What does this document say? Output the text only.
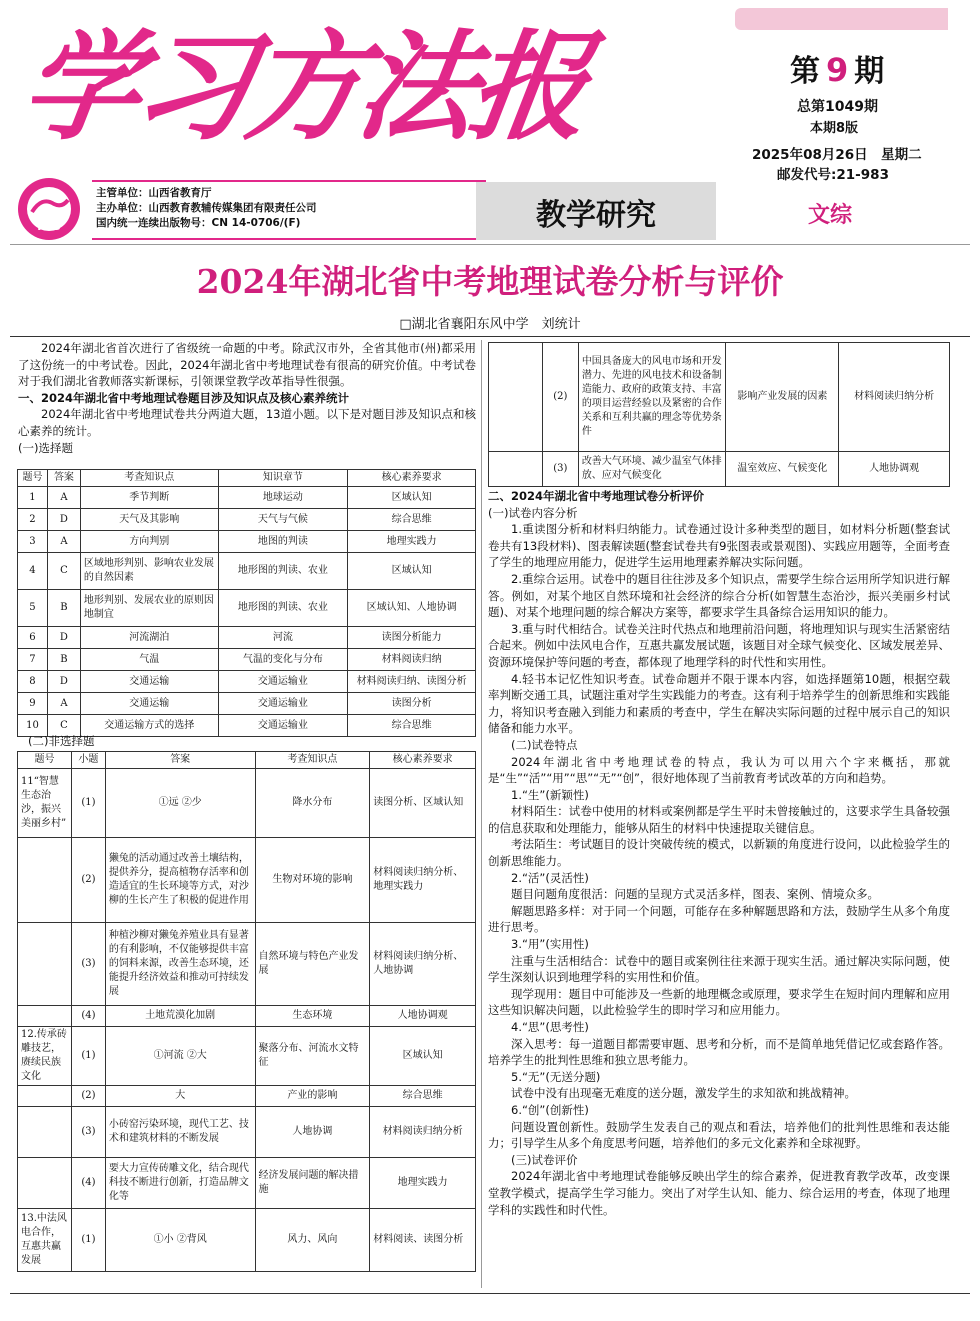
学习方法报	第 9 期
总第1049期
本期8版
2025年08月26日　星期二
邮发代号:21-983
FFB
主管单位：山西省教育厅
主办单位：山西教育教辅传媒集团有限责任公司
国内统一连续出版物号：CN 14-0706/(F)	教学研究	文综
2024年湖北省中考地理试卷分析与评价
□湖北省襄阳东风中学　刘统计

2024年湖北省首次进行了省级统一命题的中考。除武汉市外，全省其他市(州)都采用了这份统一的中考试卷。因此，2024年湖北省中考地理试卷有很高的研究价值。中考试卷对于我们湖北省教师落实新课标，引领课堂教学改革指导性很强。

一、2024年湖北省中考地理试卷题目涉及知识点及核心素养统计

2024年湖北省中考地理试卷共分两道大题，13道小题。以下是对题目涉及知识点和核心素养的统计。

(一)选择题

题号	答案	考查知识点	知识章节	核心素养要求
1	A	季节判断	地球运动	区域认知
2	D	天气及其影响	天气与气候	综合思维
3	A	方向判别	地图的判读	地理实践力
4	C	区域地形判别、影响农业发展的自然因素	地形图的判读、农业	区域认知
5	B	地形判别、发展农业的原则因地制宜	地形图的判读、农业	区域认知、人地协调
6	D	河流湖泊	河流	读图分析能力
7	B	气温	气温的变化与分布	材料阅读归纳
8	D	交通运输	交通运输业	材料阅读归纳、读图分析
9	A	交通运输	交通运输业	读图分析
10	C	交通运输方式的选择	交通运输业	综合思维
(二)非选择题
题号	小题	答案	考查知识点	核心素养要求
11“智慧生态治沙，振兴美丽乡村”	(1)	①远 ②少	降水分布	读图分析、区域认知
	(2)	獭兔的活动通过改善土壤结构，提供养分，提高植物存活率和创造适宜的生长环境等方式，对沙柳的生长产生了积极的促进作用	生物对环境的影响	材料阅读归纳分析、地理实践力
	(3)	种植沙柳对獭兔养殖业具有显著的有利影响，不仅能够提供丰富的饲料来源，改善生态环境，还能提升经济效益和推动可持续发展	自然环境与特色产业发展	材料阅读归纳分析、人地协调
	(4)	土地荒漠化加剧	生态环境	人地协调观
12.传承砖雕技艺，赓续民族文化	(1)	①河流 ②大	聚落分布、河流水文特征	区域认知
	(2)	大	产业的影响	综合思维
	(3)	小砖窑污染环境，现代工艺、技术和建筑材料的不断发展	人地协调	材料阅读归纳分析
	(4)	要大力宣传砖雕文化，结合现代科技不断进行创新，打造品牌文化等	经济发展问题的解决措施	地理实践力
13.中法风电合作，互惠共赢发展	(1)	①小 ②背风	风力、风向	材料阅读、读图分析
	(2)	中国具备庞大的风电市场和开发潜力、先进的风电技术和设备制造能力、政府的政策支持、丰富的项目运营经验以及紧密的合作关系和互利共赢的理念等优势条件	影响产业发展的因素	材料阅读归纳分析
	(3)	改善大气环境、减少温室气体排放、应对气候变化	温室效应、气候变化	人地协调观

二、2024年湖北省中考地理试卷分析评价

(一)试卷内容分析

1.重读图分析和材料归纳能力。试卷通过设计多种类型的题目，如材料分析题(整套试卷共有13段材料)、图表解读题(整套试卷共有9张图表或景观图)、实践应用题等，全面考查了学生的地理应用能力，促进学生运用地理素养解决实际问题。

2.重综合运用。试卷中的题目往往涉及多个知识点，需要学生综合运用所学知识进行解答。例如，对某个地区自然环境和社会经济的综合分析(如智慧生态治沙，振兴美丽乡村试题)、对某个地理问题的综合解决方案等，都要求学生具备综合运用知识的能力。

3.重与时代相结合。试卷关注时代热点和地理前沿问题，将地理知识与现实生活紧密结合起来。例如中法风电合作，互惠共赢发展试题，该题目对全球气候变化、区域发展差异、资源环境保护等问题的考查，都体现了地理学科的时代性和实用性。

4.轻书本记忆性知识考查。试卷命题并不限于课本内容，如选择题第10题，根据空载率判断交通工具，试题注重对学生实践能力的考查。这有利于培养学生的创新思维和实践能力，将知识考查融入到能力和素质的考查中，学生在解决实际问题的过程中展示自己的知识储备和能力水平。

(二)试卷特点

2024年湖北省中考地理试卷的特点，我认为可以用六个字来概括，那就是“生”“活”“用”“思”“无”“创”，很好地体现了当前教育考试改革的方向和趋势。

1.“生”(新颖性)

材料陌生：试卷中使用的材料或案例都是学生平时未曾接触过的，这要求学生具备较强的信息获取和处理能力，能够从陌生的材料中快速提取关键信息。

考法陌生：考试题目的设计突破传统的模式，以新颖的角度进行设问，以此检验学生的创新思维能力。

2.“活”(灵活性)

题目问题角度很活：问题的呈现方式灵活多样，图表、案例、情境众多。

解题思路多样：对于同一个问题，可能存在多种解题思路和方法，鼓励学生从多个角度进行思考。

3.“用”(实用性)

注重与生活相结合：试卷中的题目或案例往往来源于现实生活。通过解决实际问题，使学生深刻认识到地理学科的实用性和价值。

现学现用：题目中可能涉及一些新的地理概念或原理，要求学生在短时间内理解和应用这些知识解决问题，以此检验学生的即时学习和应用能力。

4.“思”(思考性)

深入思考：每一道题目都需要审题、思考和分析，而不是简单地凭借记忆或套路作答。培养学生的批判性思维和独立思考能力。

5.“无”(无送分题)

试卷中没有出现毫无难度的送分题，激发学生的求知欲和挑战精神。

6.“创”(创新性)

问题设置创新性。鼓励学生发表自己的观点和看法，培养他们的批判性思维和表达能力；引导学生从多个角度思考问题，培养他们的多元文化素养和全球视野。

(三)试卷评价

2024年湖北省中考地理试卷能够反映出学生的综合素养，促进教育教学改革，改变课堂教学模式，提高学生学习能力。突出了对学生认知、能力、综合运用的考查，体现了地理学科的实践性和时代性。
